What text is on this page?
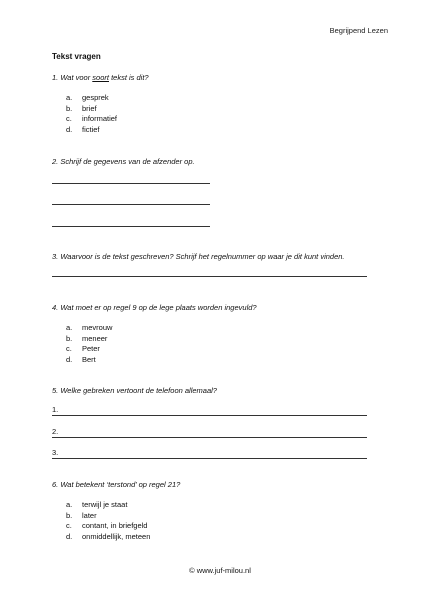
Begrijpend Lezen
Tekst vragen
1. Wat voor soort tekst is dit?
a.	gesprek
b.	brief
c.	informatief
d.	fictief
2. Schrijf de gegevens van de afzender op.
3. Waarvoor is de tekst geschreven? Schrijf het regelnummer op waar je dit kunt vinden.
4. Wat moet er op regel 9 op de lege plaats worden ingevuld?
a.	mevrouw
b.	meneer
c.	Peter
d.	Bert
5. Welke gebreken vertoont de telefoon allemaal?
1.
2.
3.
6. Wat betekent ‘terstond’ op regel 21?
a.	terwijl je staat
b.	later
c.	contant, in briefgeld
d.	onmiddellijk, meteen
© www.juf-milou.nl
